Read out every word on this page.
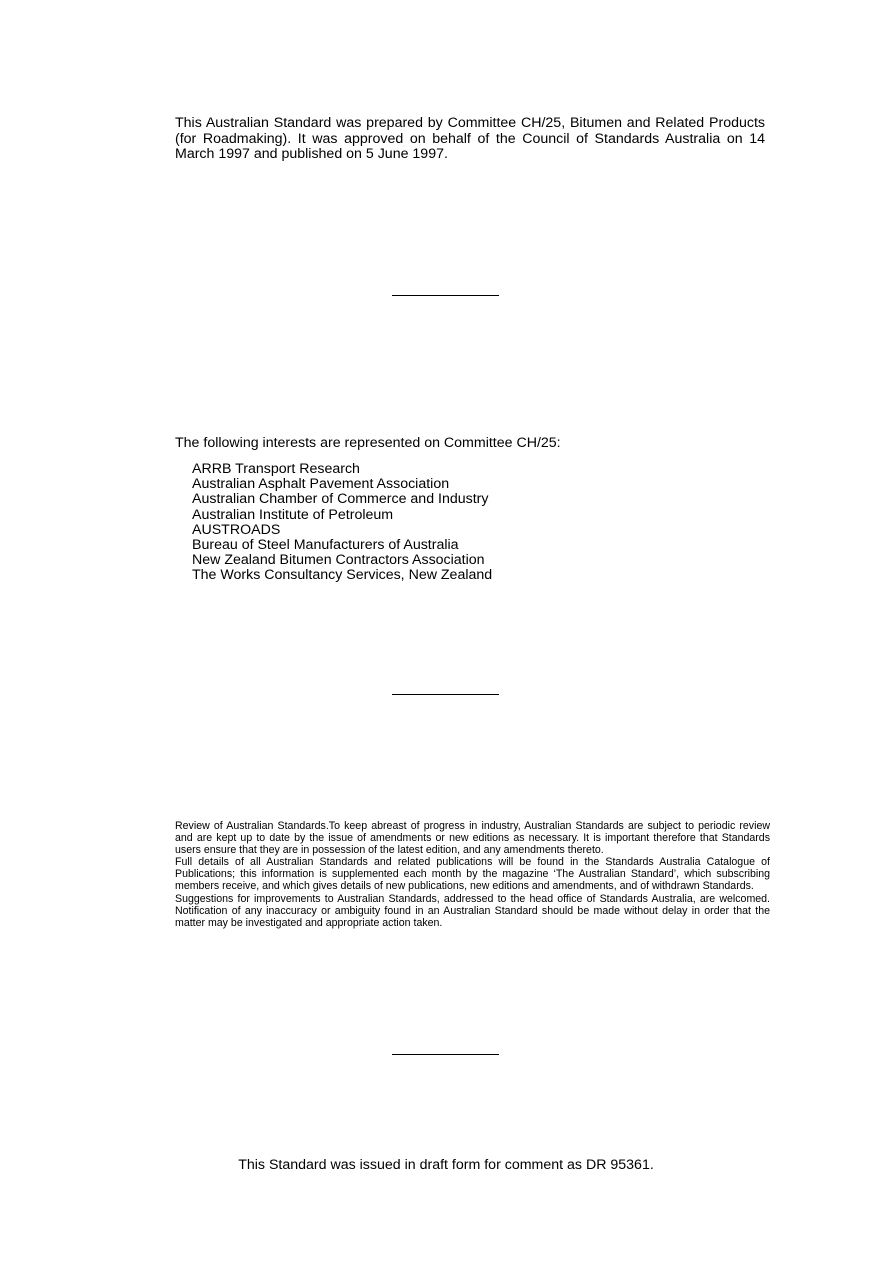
This Australian Standard was prepared by Committee CH/25, Bitumen and Related Products (for Roadmaking). It was approved on behalf of the Council of Standards Australia on 14 March 1997 and published on 5 June 1997.
The following interests are represented on Committee CH/25:
ARRB Transport Research
Australian Asphalt Pavement Association
Australian Chamber of Commerce and Industry
Australian Institute of Petroleum
AUSTROADS
Bureau of Steel Manufacturers of Australia
New Zealand Bitumen Contractors Association
The Works Consultancy Services, New Zealand

Review of Australian Standards.To keep abreast of progress in industry, Australian Standards are subject to periodic review and are kept up to date by the issue of amendments or new editions as necessary. It is important therefore that Standards users ensure that they are in possession of the latest edition, and any amendments thereto.

Full details of all Australian Standards and related publications will be found in the Standards Australia Catalogue of Publications; this information is supplemented each month by the magazine ‘The Australian Standard’, which subscribing members receive, and which gives details of new publications, new editions and amendments, and of withdrawn Standards.

Suggestions for improvements to Australian Standards, addressed to the head office of Standards Australia, are welcomed. Notification of any inaccuracy or ambiguity found in an Australian Standard should be made without delay in order that the matter may be investigated and appropriate action taken.

This Standard was issued in draft form for comment as DR 95361.
